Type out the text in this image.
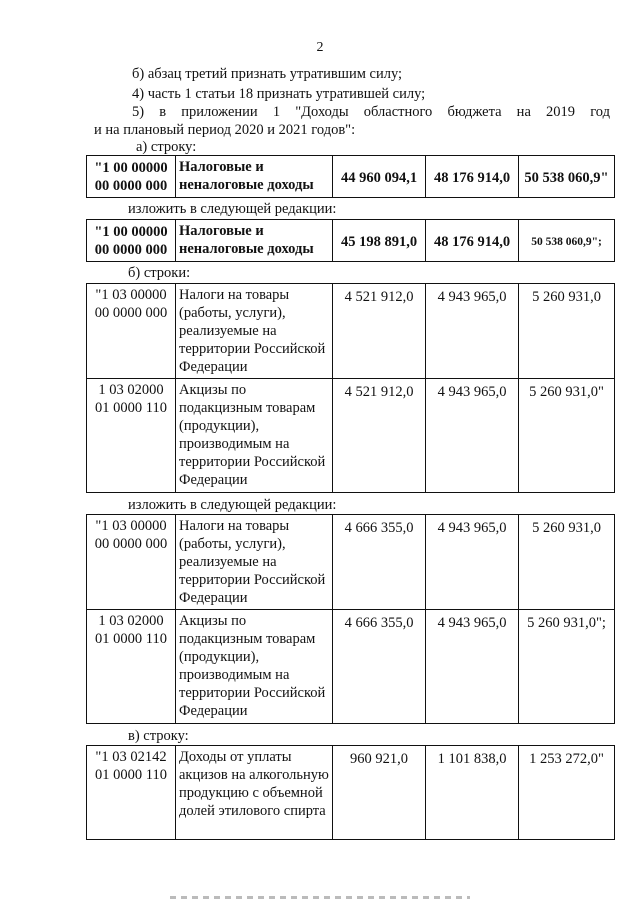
2
б) абзац третий признать утратившим силу;
4) часть 1 статьи 18 признать утратившей силу;
5) в приложении 1 "Доходы областного бюджета на 2019 год
и на плановый период 2020 и 2021 годов":
а) строку:
"1 00 00000 00 0000 000	Налоговые и неналоговые доходы	44 960 094,1	48 176 914,0	50 538 060,9"
изложить в следующей редакции:
"1 00 00000 00 0000 000	Налоговые и неналоговые доходы	45 198 891,0	48 176 914,0	50 538 060,9";
б) строки:
"1 03 00000 00 0000 000	Налоги на товары (работы, услуги), реализуемые на территории Российской Федерации	4 521 912,0	4 943 965,0	5 260 931,0
1 03 02000 01 0000 110	Акцизы по подакцизным товарам (продукции), производимым на территории Российской Федерации	4 521 912,0	4 943 965,0	5 260 931,0"
изложить в следующей редакции:
"1 03 00000 00 0000 000	Налоги на товары (работы, услуги), реализуемые на территории Российской Федерации	4 666 355,0	4 943 965,0	5 260 931,0
1 03 02000 01 0000 110	Акцизы по подакцизным товарам (продукции), производимым на территории Российской Федерации	4 666 355,0	4 943 965,0	5 260 931,0";
в) строку:
"1 03 02142 01 0000 110	Доходы от уплаты акцизов на алкогольную продукцию с объемной долей этилового спирта	960 921,0	1 101 838,0	1 253 272,0"
